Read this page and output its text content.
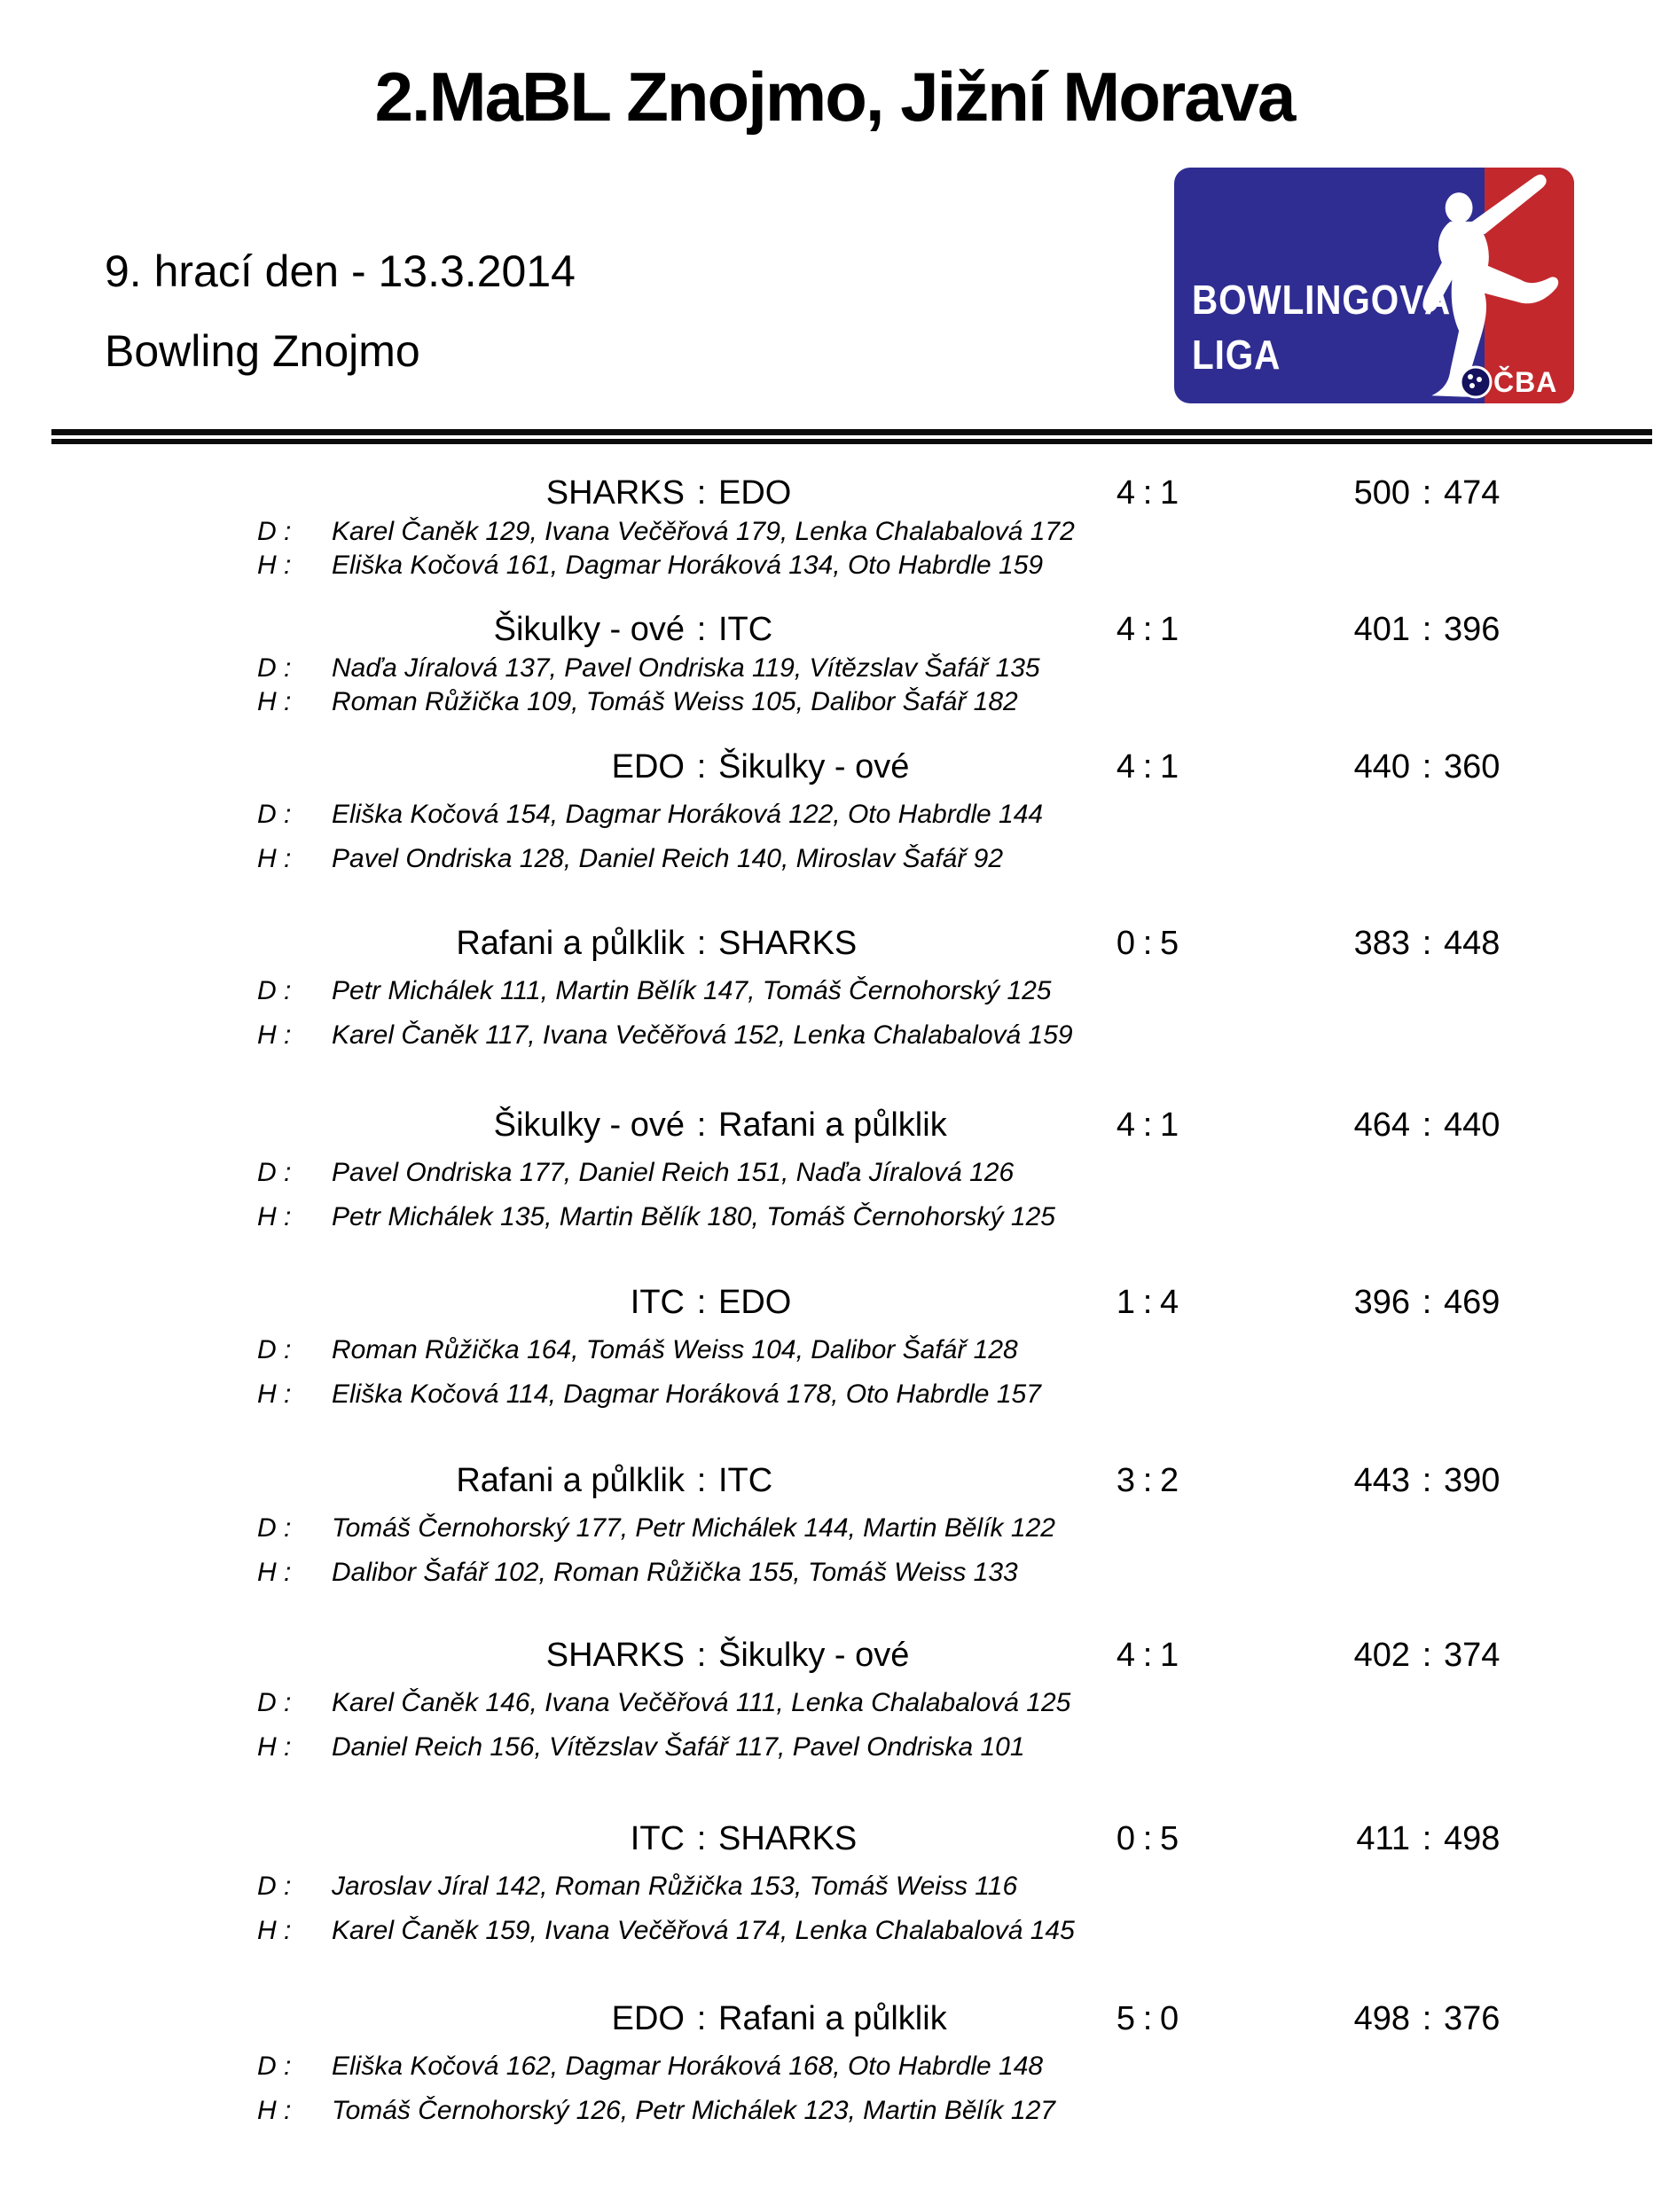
2.MaBL Znojmo, Jižní Morava
9. hrací den - 13.3.2014
Bowling Znojmo
BOWLINGOVÁ
LIGA
ČBA
SHARKS : EDO	4 : 1	500 : 474
D :	Karel Čaněk 129, Ivana Večěřová 179, Lenka Chalabalová 172
H :	Eliška Kočová 161, Dagmar Horáková 134, Oto Habrdle 159
Šikulky - ové : ITC	4 : 1	401 : 396
D :	Naďa Jíralová 137, Pavel Ondriska 119, Vítězslav Šafář 135
H :	Roman Růžička 109, Tomáš Weiss 105, Dalibor Šafář 182
EDO : Šikulky - ové	4 : 1	440 : 360
D :	Eliška Kočová 154, Dagmar Horáková 122, Oto Habrdle 144
H :	Pavel Ondriska 128, Daniel Reich 140, Miroslav Šafář 92
Rafani a půlklik : SHARKS	0 : 5	383 : 448
D :	Petr Michálek 111, Martin Bělík 147, Tomáš Černohorský 125
H :	Karel Čaněk 117, Ivana Večěřová 152, Lenka Chalabalová 159
Šikulky - ové : Rafani a půlklik	4 : 1	464 : 440
D :	Pavel Ondriska 177, Daniel Reich 151, Naďa Jíralová 126
H :	Petr Michálek 135, Martin Bělík 180, Tomáš Černohorský 125
ITC : EDO	1 : 4	396 : 469
D :	Roman Růžička 164, Tomáš Weiss 104, Dalibor Šafář 128
H :	Eliška Kočová 114, Dagmar Horáková 178, Oto Habrdle 157
Rafani a půlklik : ITC	3 : 2	443 : 390
D :	Tomáš Černohorský 177, Petr Michálek 144, Martin Bělík 122
H :	Dalibor Šafář 102, Roman Růžička 155, Tomáš Weiss 133
SHARKS : Šikulky - ové	4 : 1	402 : 374
D :	Karel Čaněk 146, Ivana Večěřová 111, Lenka Chalabalová 125
H :	Daniel Reich 156, Vítězslav Šafář 117, Pavel Ondriska 101
ITC : SHARKS	0 : 5	411 : 498
D :	Jaroslav Jíral 142, Roman Růžička 153, Tomáš Weiss 116
H :	Karel Čaněk 159, Ivana Večěřová 174, Lenka Chalabalová 145
EDO : Rafani a půlklik	5 : 0	498 : 376
D :	Eliška Kočová 162, Dagmar Horáková 168, Oto Habrdle 148
H :	Tomáš Černohorský 126, Petr Michálek 123, Martin Bělík 127
